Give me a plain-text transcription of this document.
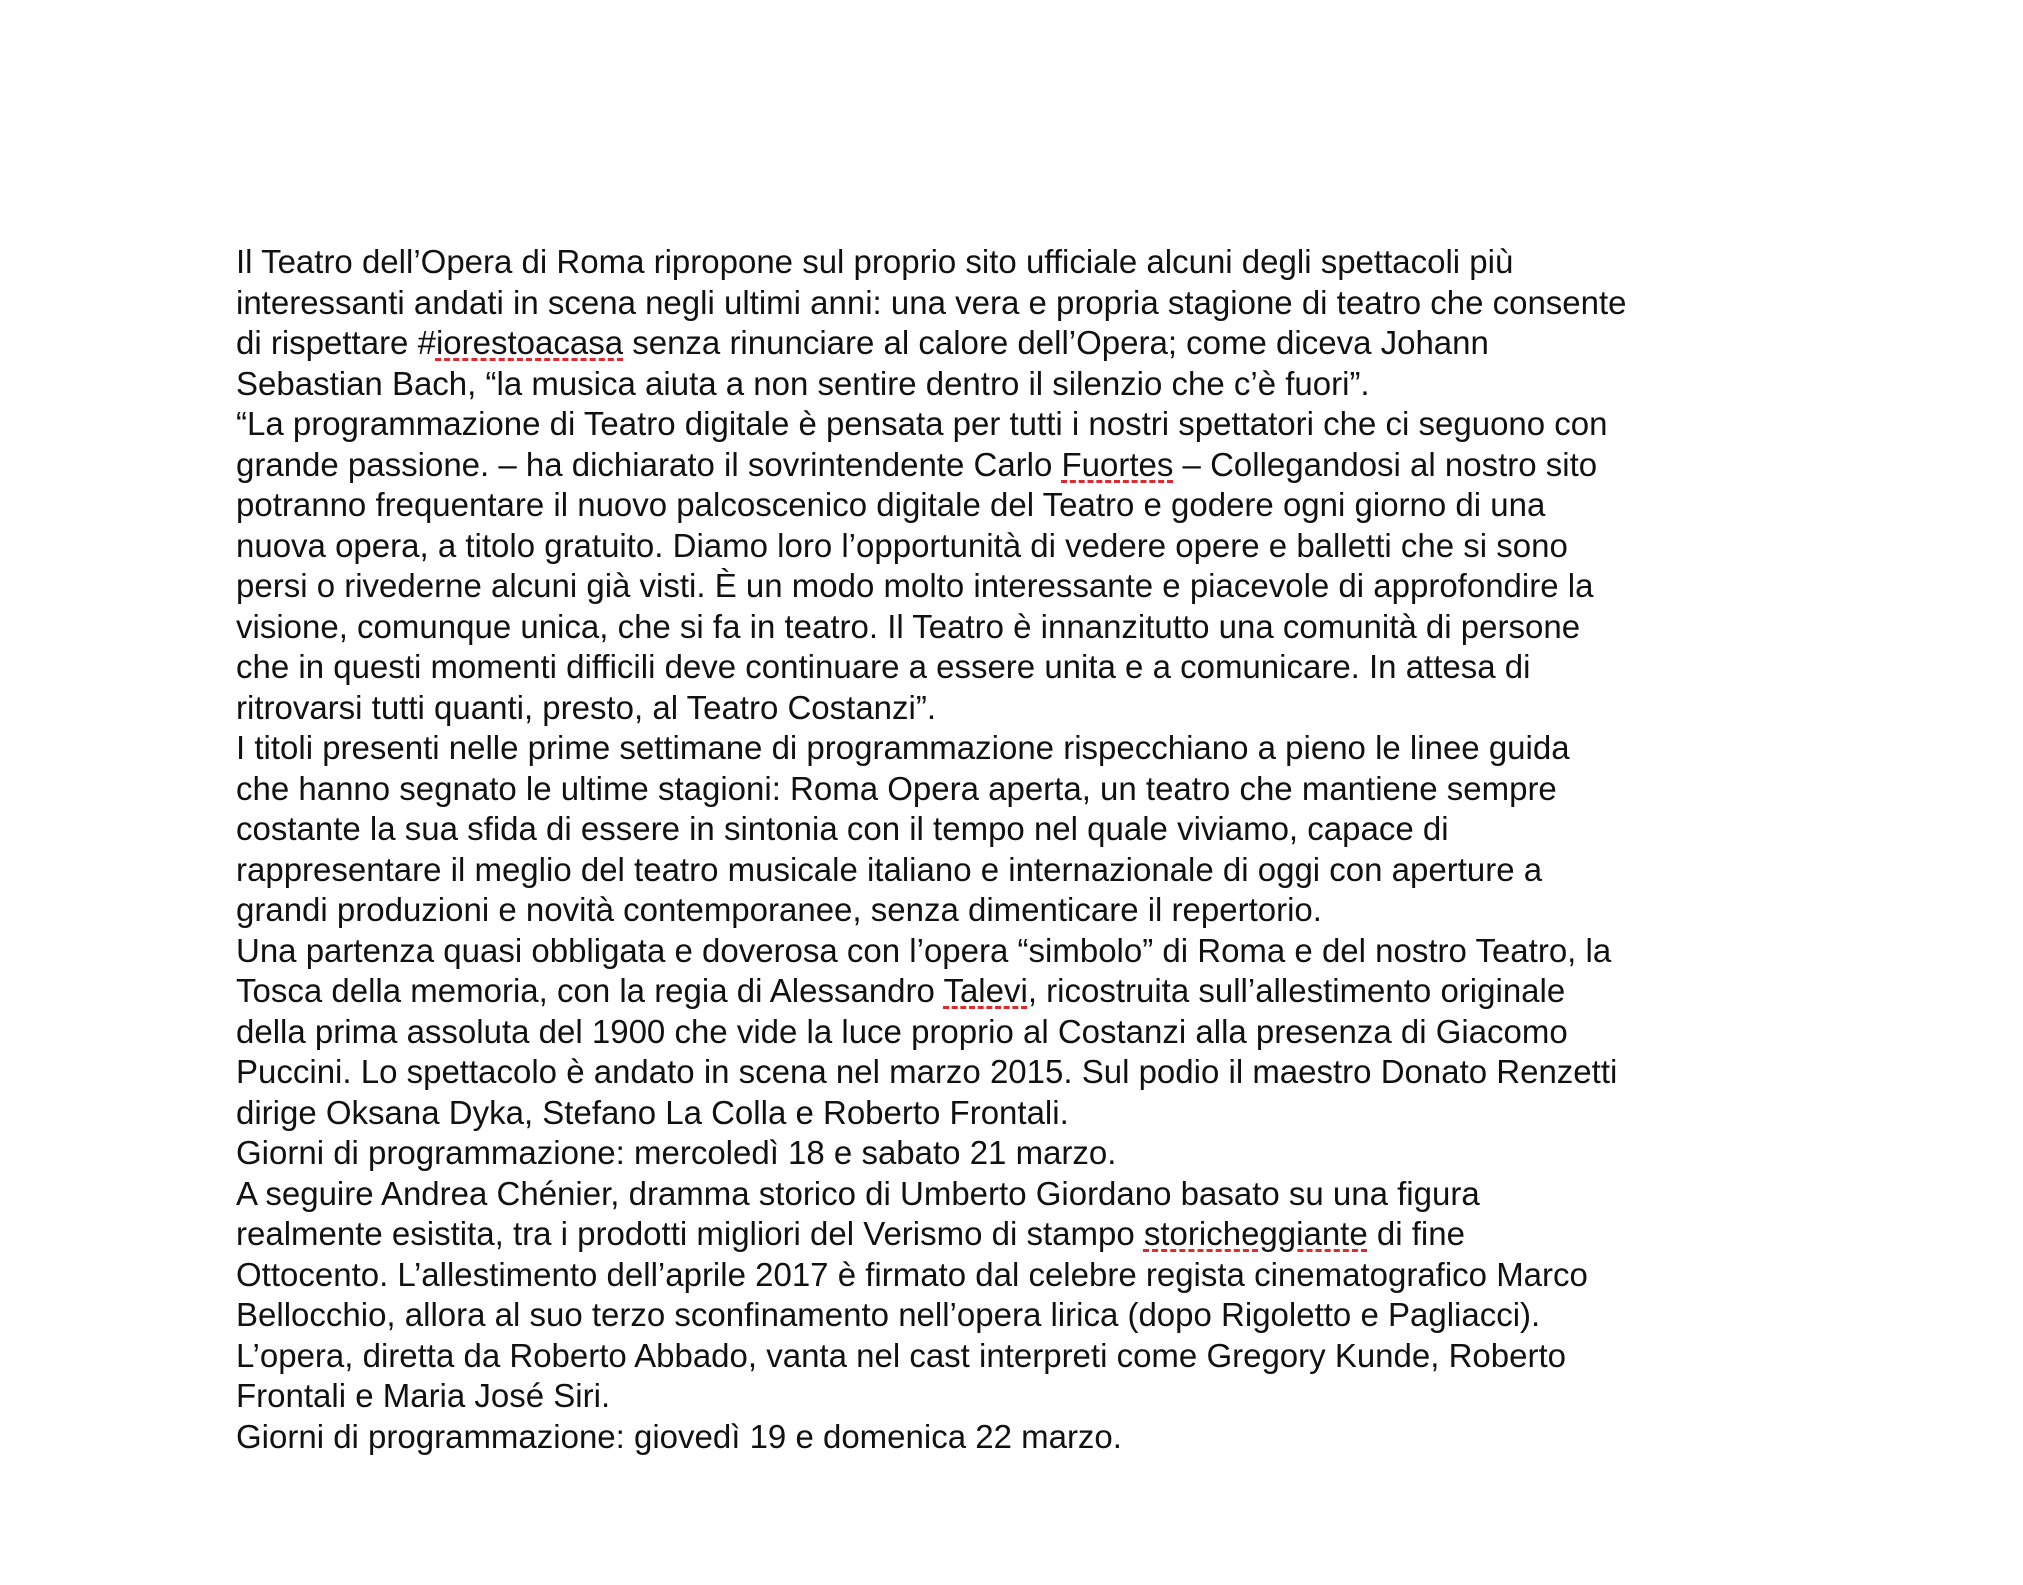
Il Teatro dell’Opera di Roma ripropone sul proprio sito ufficiale alcuni degli spettacoli più
interessanti andati in scena negli ultimi anni: una vera e propria stagione di teatro che consente
di rispettare #iorestoacasa senza rinunciare al calore dell’Opera; come diceva Johann
Sebastian Bach, “la musica aiuta a non sentire dentro il silenzio che c’è fuori”.
“La programmazione di Teatro digitale è pensata per tutti i nostri spettatori che ci seguono con
grande passione. – ha dichiarato il sovrintendente Carlo Fuortes – Collegandosi al nostro sito
potranno frequentare il nuovo palcoscenico digitale del Teatro e godere ogni giorno di una
nuova opera, a titolo gratuito. Diamo loro l’opportunità di vedere opere e balletti che si sono
persi o rivederne alcuni già visti. È un modo molto interessante e piacevole di approfondire la
visione, comunque unica, che si fa in teatro. Il Teatro è innanzitutto una comunità di persone
che in questi momenti difficili deve continuare a essere unita e a comunicare. In attesa di
ritrovarsi tutti quanti, presto, al Teatro Costanzi”.
I titoli presenti nelle prime settimane di programmazione rispecchiano a pieno le linee guida
che hanno segnato le ultime stagioni: Roma Opera aperta, un teatro che mantiene sempre
costante la sua sfida di essere in sintonia con il tempo nel quale viviamo, capace di
rappresentare il meglio del teatro musicale italiano e internazionale di oggi con aperture a
grandi produzioni e novità contemporanee, senza dimenticare il repertorio.
Una partenza quasi obbligata e doverosa con l’opera “simbolo” di Roma e del nostro Teatro, la
Tosca della memoria, con la regia di Alessandro Talevi, ricostruita sull’allestimento originale
della prima assoluta del 1900 che vide la luce proprio al Costanzi alla presenza di Giacomo
Puccini. Lo spettacolo è andato in scena nel marzo 2015. Sul podio il maestro Donato Renzetti
dirige Oksana Dyka, Stefano La Colla e Roberto Frontali.
Giorni di programmazione: mercoledì 18 e sabato 21 marzo.
A seguire Andrea Chénier, dramma storico di Umberto Giordano basato su una figura
realmente esistita, tra i prodotti migliori del Verismo di stampo storicheggiante di fine
Ottocento. L’allestimento dell’aprile 2017 è firmato dal celebre regista cinematografico Marco
Bellocchio, allora al suo terzo sconfinamento nell’opera lirica (dopo Rigoletto e Pagliacci).
L’opera, diretta da Roberto Abbado, vanta nel cast interpreti come Gregory Kunde, Roberto
Frontali e Maria José Siri.
Giorni di programmazione: giovedì 19 e domenica 22 marzo.
